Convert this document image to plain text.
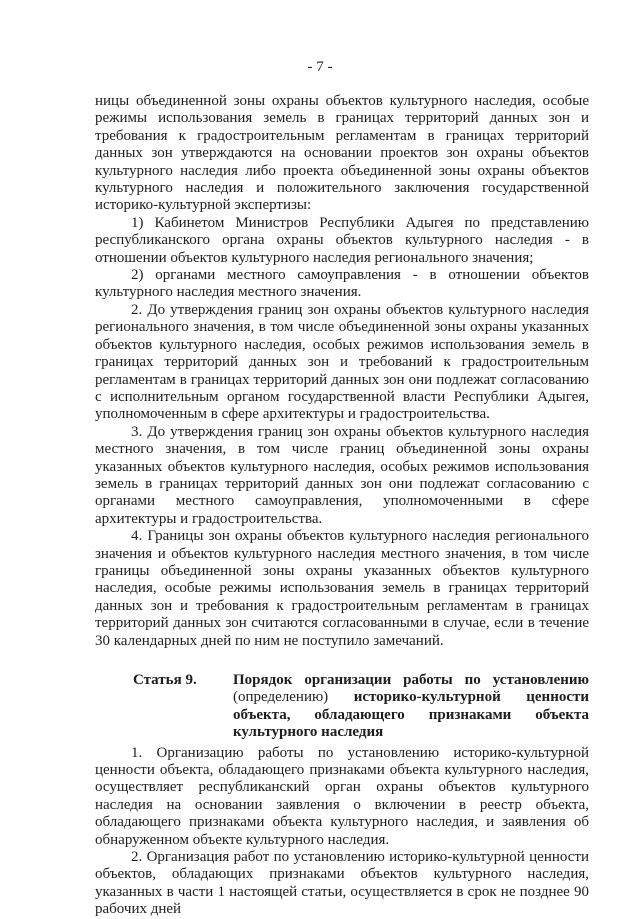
- 7 -

ницы объединенной зоны охраны объектов культурного наследия, особые режимы использования земель в границах территорий данных зон и требования к градостроительным регламентам в границах территорий данных зон утверждаются на основании проектов зон охраны объектов культурного наследия либо проекта объединенной зоны охраны объектов культурного наследия и положительного заключения государственной историко-культурной экспертизы:

1) Кабинетом Министров Республики Адыгея по представлению республиканского органа охраны объектов культурного наследия - в отношении объектов культурного наследия регионального значения;

2) органами местного самоуправления - в отношении объектов культурного наследия местного значения.

2. До утверждения границ зон охраны объектов культурного наследия регионального значения, в том числе объединенной зоны охраны указанных объектов культурного наследия, особых режимов использования земель в границах территорий данных зон и требований к градостроительным регламентам в границах территорий данных зон они подлежат согласованию с исполнительным органом государственной власти Республики Адыгея, уполномоченным в сфере архитектуры и градостроительства.

3. До утверждения границ зон охраны объектов культурного наследия местного значения, в том числе границ объединенной зоны охраны указанных объектов культурного наследия, особых режимов использования земель в границах территорий данных зон они подлежат согласованию с органами местного самоуправления, уполномоченными в сфере архитектуры и градостроительства.

4. Границы зон охраны объектов культурного наследия регионального значения и объектов культурного наследия местного значения, в том числе границы объединенной зоны охраны указанных объектов культурного наследия, особые режимы использования земель в границах территорий данных зон и требования к градостроительным регламентам в границах территорий данных зон считаются согласованными в случае, если в течение 30 календарных дней по ним не поступило замечаний.

Статья 9.	Порядок организации работы по установлению (определению) историко-культурной ценности объекта, обладающего признаками объекта культурного наследия

1. Организацию работы по установлению историко-культурной ценности объекта, обладающего признаками объекта культурного наследия, осуществляет республиканский орган охраны объектов культурного наследия на основании заявления о включении в реестр объекта, обладающего признаками объекта культурного наследия, и заявления об обнаруженном объекте культурного наследия.

2. Организация работ по установлению историко-культурной ценности объектов, обладающих признаками объектов культурного наследия, указанных в части 1 настоящей статьи, осуществляется в срок не позднее 90 рабочих дней
